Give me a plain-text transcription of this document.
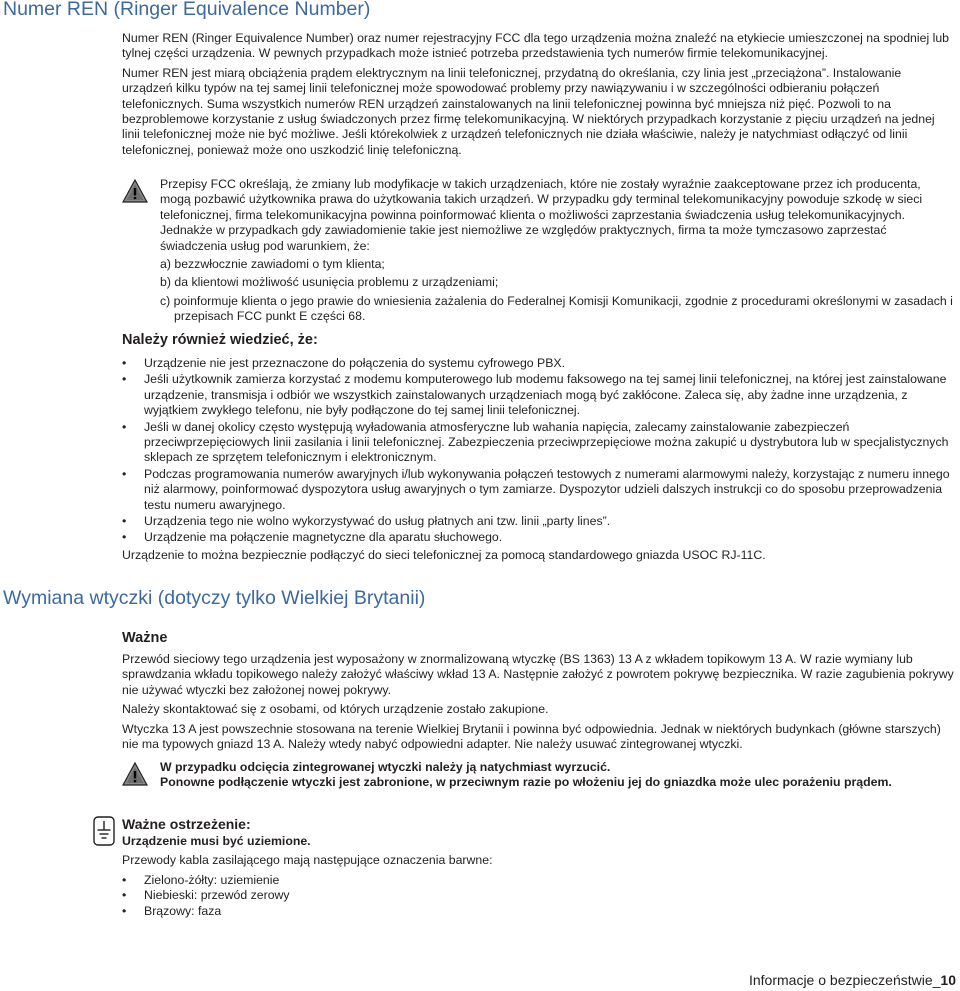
Numer REN (Ringer Equivalence Number)

Numer REN (Ringer Equivalence Number) oraz numer rejestracyjny FCC dla tego urządzenia można znaleźć na etykiecie umieszczonej na spodniej lub tylnej części urządzenia. W pewnych przypadkach może istnieć potrzeba przedstawienia tych numerów firmie telekomunikacyjnej.

Numer REN jest miarą obciążenia prądem elektrycznym na linii telefonicznej, przydatną do określania, czy linia jest „przeciążona”. Instalowanie urządzeń kilku typów na tej samej linii telefonicznej może spowodować problemy przy nawiązywaniu i w szczególności odbieraniu połączeń telefonicznych. Suma wszystkich numerów REN urządzeń zainstalowanych na linii telefonicznej powinna być mniejsza niż pięć. Pozwoli to na bezproblemowe korzystanie z usług świadczonych przez firmę telekomunikacyjną. W niektórych przypadkach korzystanie z pięciu urządzeń na jednej linii telefonicznej może nie być możliwe. Jeśli którekolwiek z urządzeń telefonicznych nie działa właściwie, należy je natychmiast odłączyć od linii telefonicznej, ponieważ może ono uszkodzić linię telefoniczną.

Przepisy FCC określają, że zmiany lub modyfikacje w takich urządzeniach, które nie zostały wyraźnie zaakceptowane przez ich producenta, mogą pozbawić użytkownika prawa do użytkowania takich urządzeń. W przypadku gdy terminal telekomunikacyjny powoduje szkodę w sieci telefonicznej, firma telekomunikacyjna powinna poinformować klienta o możliwości zaprzestania świadczenia usług telekomunikacyjnych. Jednakże w przypadkach gdy zawiadomienie takie jest niemożliwe ze względów praktycznych, firma ta może tymczasowo zaprzestać świadczenia usług pod warunkiem, że:

a) bezzwłocznie zawiadomi o tym klienta;
b) da klientowi możliwość usunięcia problemu z urządzeniami;
c) poinformuje klienta o jego prawie do wniesienia zażalenia do Federalnej Komisji Komunikacji, zgodnie z procedurami określonymi w zasadach i przepisach FCC punkt E części 68.
Należy również wiedzieć, że:
• Urządzenie nie jest przeznaczone do połączenia do systemu cyfrowego PBX.
• Jeśli użytkownik zamierza korzystać z modemu komputerowego lub modemu faksowego na tej samej linii telefonicznej, na której jest zainstalowane urządzenie, transmisja i odbiór we wszystkich zainstalowanych urządzeniach mogą być zakłócone. Zaleca się, aby żadne inne urządzenia, z wyjątkiem zwykłego telefonu, nie były podłączone do tej samej linii telefonicznej.
• Jeśli w danej okolicy często występują wyładowania atmosferyczne lub wahania napięcia, zalecamy zainstalowanie zabezpieczeń przeciwprzepięciowych linii zasilania i linii telefonicznej. Zabezpieczenia przeciwprzepięciowe można zakupić u dystrybutora lub w specjalistycznych sklepach ze sprzętem telefonicznym i elektronicznym.
• Podczas programowania numerów awaryjnych i/lub wykonywania połączeń testowych z numerami alarmowymi należy, korzystając z numeru innego niż alarmowy, poinformować dyspozytora usług awaryjnych o tym zamiarze. Dyspozytor udzieli dalszych instrukcji co do sposobu przeprowadzenia testu numeru awaryjnego.
• Urządzenia tego nie wolno wykorzystywać do usług płatnych ani tzw. linii „party lines”.
• Urządzenie ma połączenie magnetyczne dla aparatu słuchowego.

Urządzenie to można bezpiecznie podłączyć do sieci telefonicznej za pomocą standardowego gniazda USOC RJ-11C.

Wymiana wtyczki (dotyczy tylko Wielkiej Brytanii)
Ważne

Przewód sieciowy tego urządzenia jest wyposażony w znormalizowaną wtyczkę (BS 1363) 13 A z wkładem topikowym 13 A. W razie wymiany lub sprawdzania wkładu topikowego należy założyć właściwy wkład 13 A. Następnie założyć z powrotem pokrywę bezpiecznika. W razie zagubienia pokrywy nie używać wtyczki bez założonej nowej pokrywy.

Należy skontaktować się z osobami, od których urządzenie zostało zakupione.

Wtyczka 13 A jest powszechnie stosowana na terenie Wielkiej Brytanii i powinna być odpowiednia. Jednak w niektórych budynkach (główne starszych) nie ma typowych gniazd 13 A. Należy wtedy nabyć odpowiedni adapter. Nie należy usuwać zintegrowanej wtyczki.

W przypadku odcięcia zintegrowanej wtyczki należy ją natychmiast wyrzucić.

Ponowne podłączenie wtyczki jest zabronione, w przeciwnym razie po włożeniu jej do gniazdka może ulec porażeniu prądem.

Ważne ostrzeżenie:

Urządzenie musi być uziemione.

Przewody kabla zasilającego mają następujące oznaczenia barwne:

• Zielono-żółty: uziemienie
• Niebieski: przewód zerowy
• Brązowy: faza
Informacje o bezpieczeństwie_10
